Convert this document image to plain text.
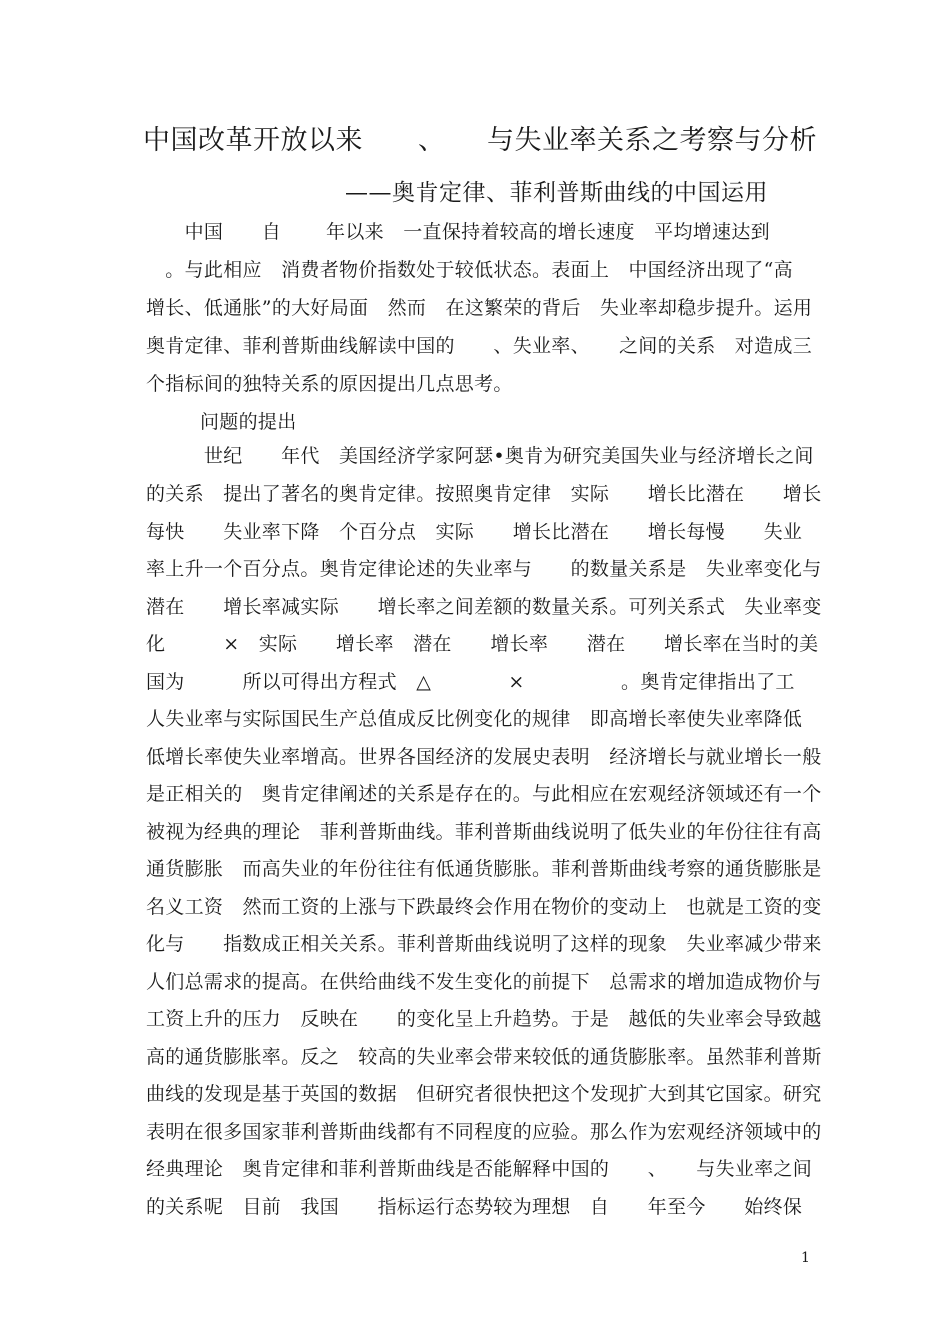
中国改革开放以来　　、　　与失业率关系之考察与分析
——奥肯定律、菲利普斯曲线的中国运用
　　中国　　自　　 年以来　一直保持着较高的增长速度　平均增速达到
　。与此相应　消费者物价指数处于较低状态。表面上　中国经济出现了“高
增长、低通胀”的大好局面　然而　在这繁荣的背后　失业率却稳步提升。运用
奥肯定律、菲利普斯曲线解读中国的　　、失业率、　　之间的关系　对造成三
个指标间的独特关系的原因提出几点思考。
问题的提出
　　　世纪　　年代　美国经济学家阿瑟•奥肯为研究美国失业与经济增长之间
的关系　提出了著名的奥肯定律。按照奥肯定律　实际　　增长比潜在　　增长
每快　　失业率下降　个百分点　实际　　增长比潜在　　增长每慢　　失业
率上升一个百分点。奥肯定律论述的失业率与　　的数量关系是　失业率变化与
潜在　　增长率减实际　　增长率之间差额的数量关系。可列关系式　失业率变
化　　　×　实际　　增长率　潜在　　增长率　　潜在　　增长率在当时的美
国为　　　所以可得出方程式　△　　　　×　　　　　。奥肯定律指出了工
人失业率与实际国民生产总值成反比例变化的规律　即高增长率使失业率降低
低增长率使失业率增高。世界各国经济的发展史表明　经济增长与就业增长一般
是正相关的　奥肯定律阐述的关系是存在的。与此相应在宏观经济领域还有一个
被视为经典的理论　菲利普斯曲线。菲利普斯曲线说明了低失业的年份往往有高
通货膨胀　而高失业的年份往往有低通货膨胀。菲利普斯曲线考察的通货膨胀是
名义工资　然而工资的上涨与下跌最终会作用在物价的变动上　也就是工资的变
化与　　指数成正相关关系。菲利普斯曲线说明了这样的现象　失业率减少带来
人们总需求的提高。在供给曲线不发生变化的前提下　总需求的增加造成物价与
工资上升的压力　反映在　　的变化呈上升趋势。于是　越低的失业率会导致越
高的通货膨胀率。反之　较高的失业率会带来较低的通货膨胀率。虽然菲利普斯
曲线的发现是基于英国的数据　但研究者很快把这个发现扩大到其它国家。研究
表明在很多国家菲利普斯曲线都有不同程度的应验。那么作为宏观经济领域中的
经典理论　奥肯定律和菲利普斯曲线是否能解释中国的　　、　　与失业率之间
的关系呢　目前　我国　　指标运行态势较为理想　自　　年至今　　始终保
1
